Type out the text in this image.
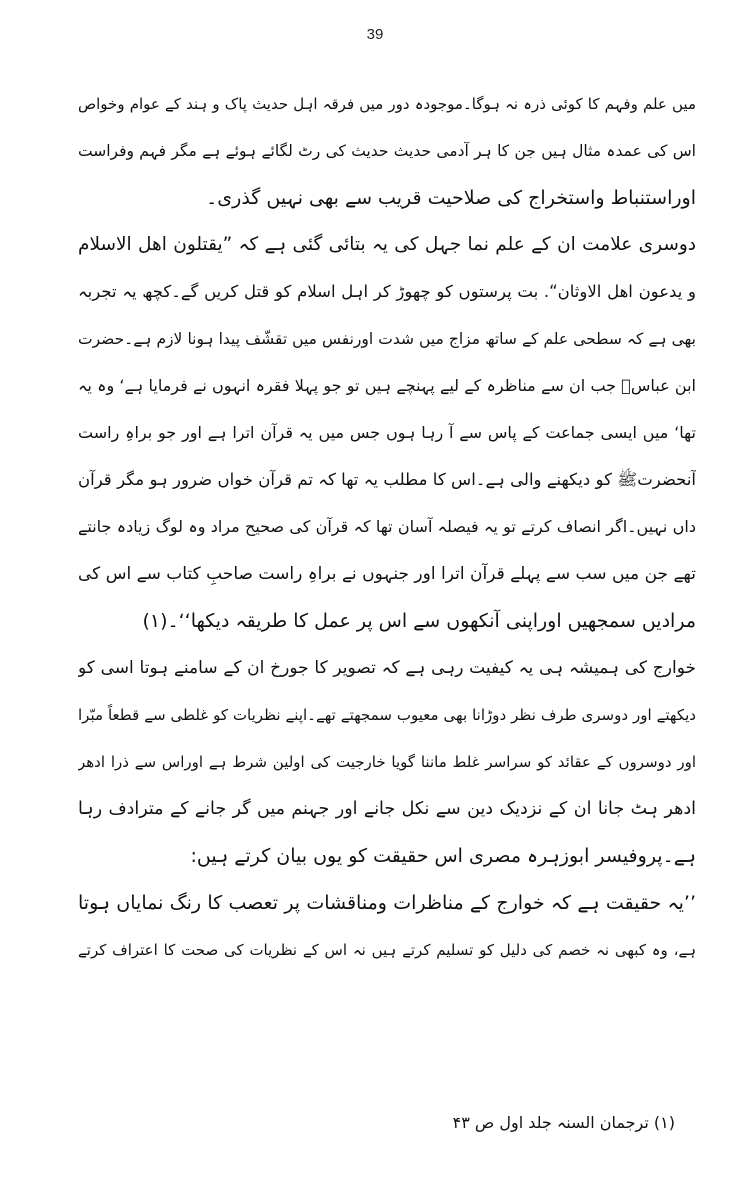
39
میں علم وفہم کا کوئی ذرہ نہ ہوگا۔موجودہ دور میں فرقہ اہل حدیث پاک و ہند کے عوام وخواص
اس کی عمدہ مثال ہیں جن کا ہر آدمی حدیث حدیث کی رٹ لگائے ہوئے ہے مگر فہم وفراست
اوراستنباط واستخراج کی صلاحیت قریب سے بھی نہیں گذری۔
دوسری علامت ان کے علم نما جہل کی یہ بتائی گئی ہے کہ ”یقتلون اھل الاسلام
و یدعون اھل الاوثان“. بت پرستوں کو چھوڑ کر اہل اسلام کو قتل کریں گے۔کچھ یہ تجربہ
بھی ہے کہ سطحی علم کے ساتھ مزاج میں شدت اورنفس میں تقشّف پیدا ہونا لازم ہے۔حضرت
ابن عباسؓ جب ان سے مناظرہ کے لیے پہنچے ہیں تو جو پہلا فقرہ انہوں نے فرمایا ہے‘ وہ یہ
تھا‘ میں ایسی جماعت کے پاس سے آ رہا ہوں جس میں یہ قرآن اترا ہے اور جو براہِ راست
آنحضرتﷺ کو دیکھنے والی ہے۔اس کا مطلب یہ تھا کہ تم قرآن خواں ضرور ہو مگر قرآن
داں نہیں۔اگر انصاف کرتے تو یہ فیصلہ آسان تھا کہ قرآن کی صحیح مراد وہ لوگ زیادہ جانتے
تھے جن میں سب سے پہلے قرآن اترا اور جنہوں نے براہِ راست صاحبِ کتاب سے اس کی
مرادیں سمجھیں اوراپنی آنکھوں سے اس پر عمل کا طریقہ دیکھا‘‘۔(۱)
خوارج کی ہمیشہ ہی یہ کیفیت رہی ہے کہ تصویر کا جورخ ان کے سامنے ہوتا اسی کو
دیکھتے اور دوسری طرف نظر دوڑانا بھی معیوب سمجھتے تھے۔اپنے نظریات کو غلطی سے قطعاً مبّرا
اور دوسروں کے عقائد کو سراسر غلط ماننا گویا خارجیت کی اولین شرط ہے اوراس سے ذرا ادھر
ادھر ہٹ جانا ان کے نزدیک دین سے نکل جانے اور جہنم میں گر جانے کے مترادف رہا
ہے۔پروفیسر ابوزہرہ مصری اس حقیقت کو یوں بیان کرتے ہیں:
’’یہ حقیقت ہے کہ خوارج کے مناظرات ومناقشات پر تعصب کا رنگ نمایاں ہوتا
ہے، وہ کبھی نہ خصم کی دلیل کو تسلیم کرتے ہیں نہ اس کے نظریات کی صحت کا اعتراف کرتے
(۱) ترجمان السنہ جلد اول ص ۴۳
